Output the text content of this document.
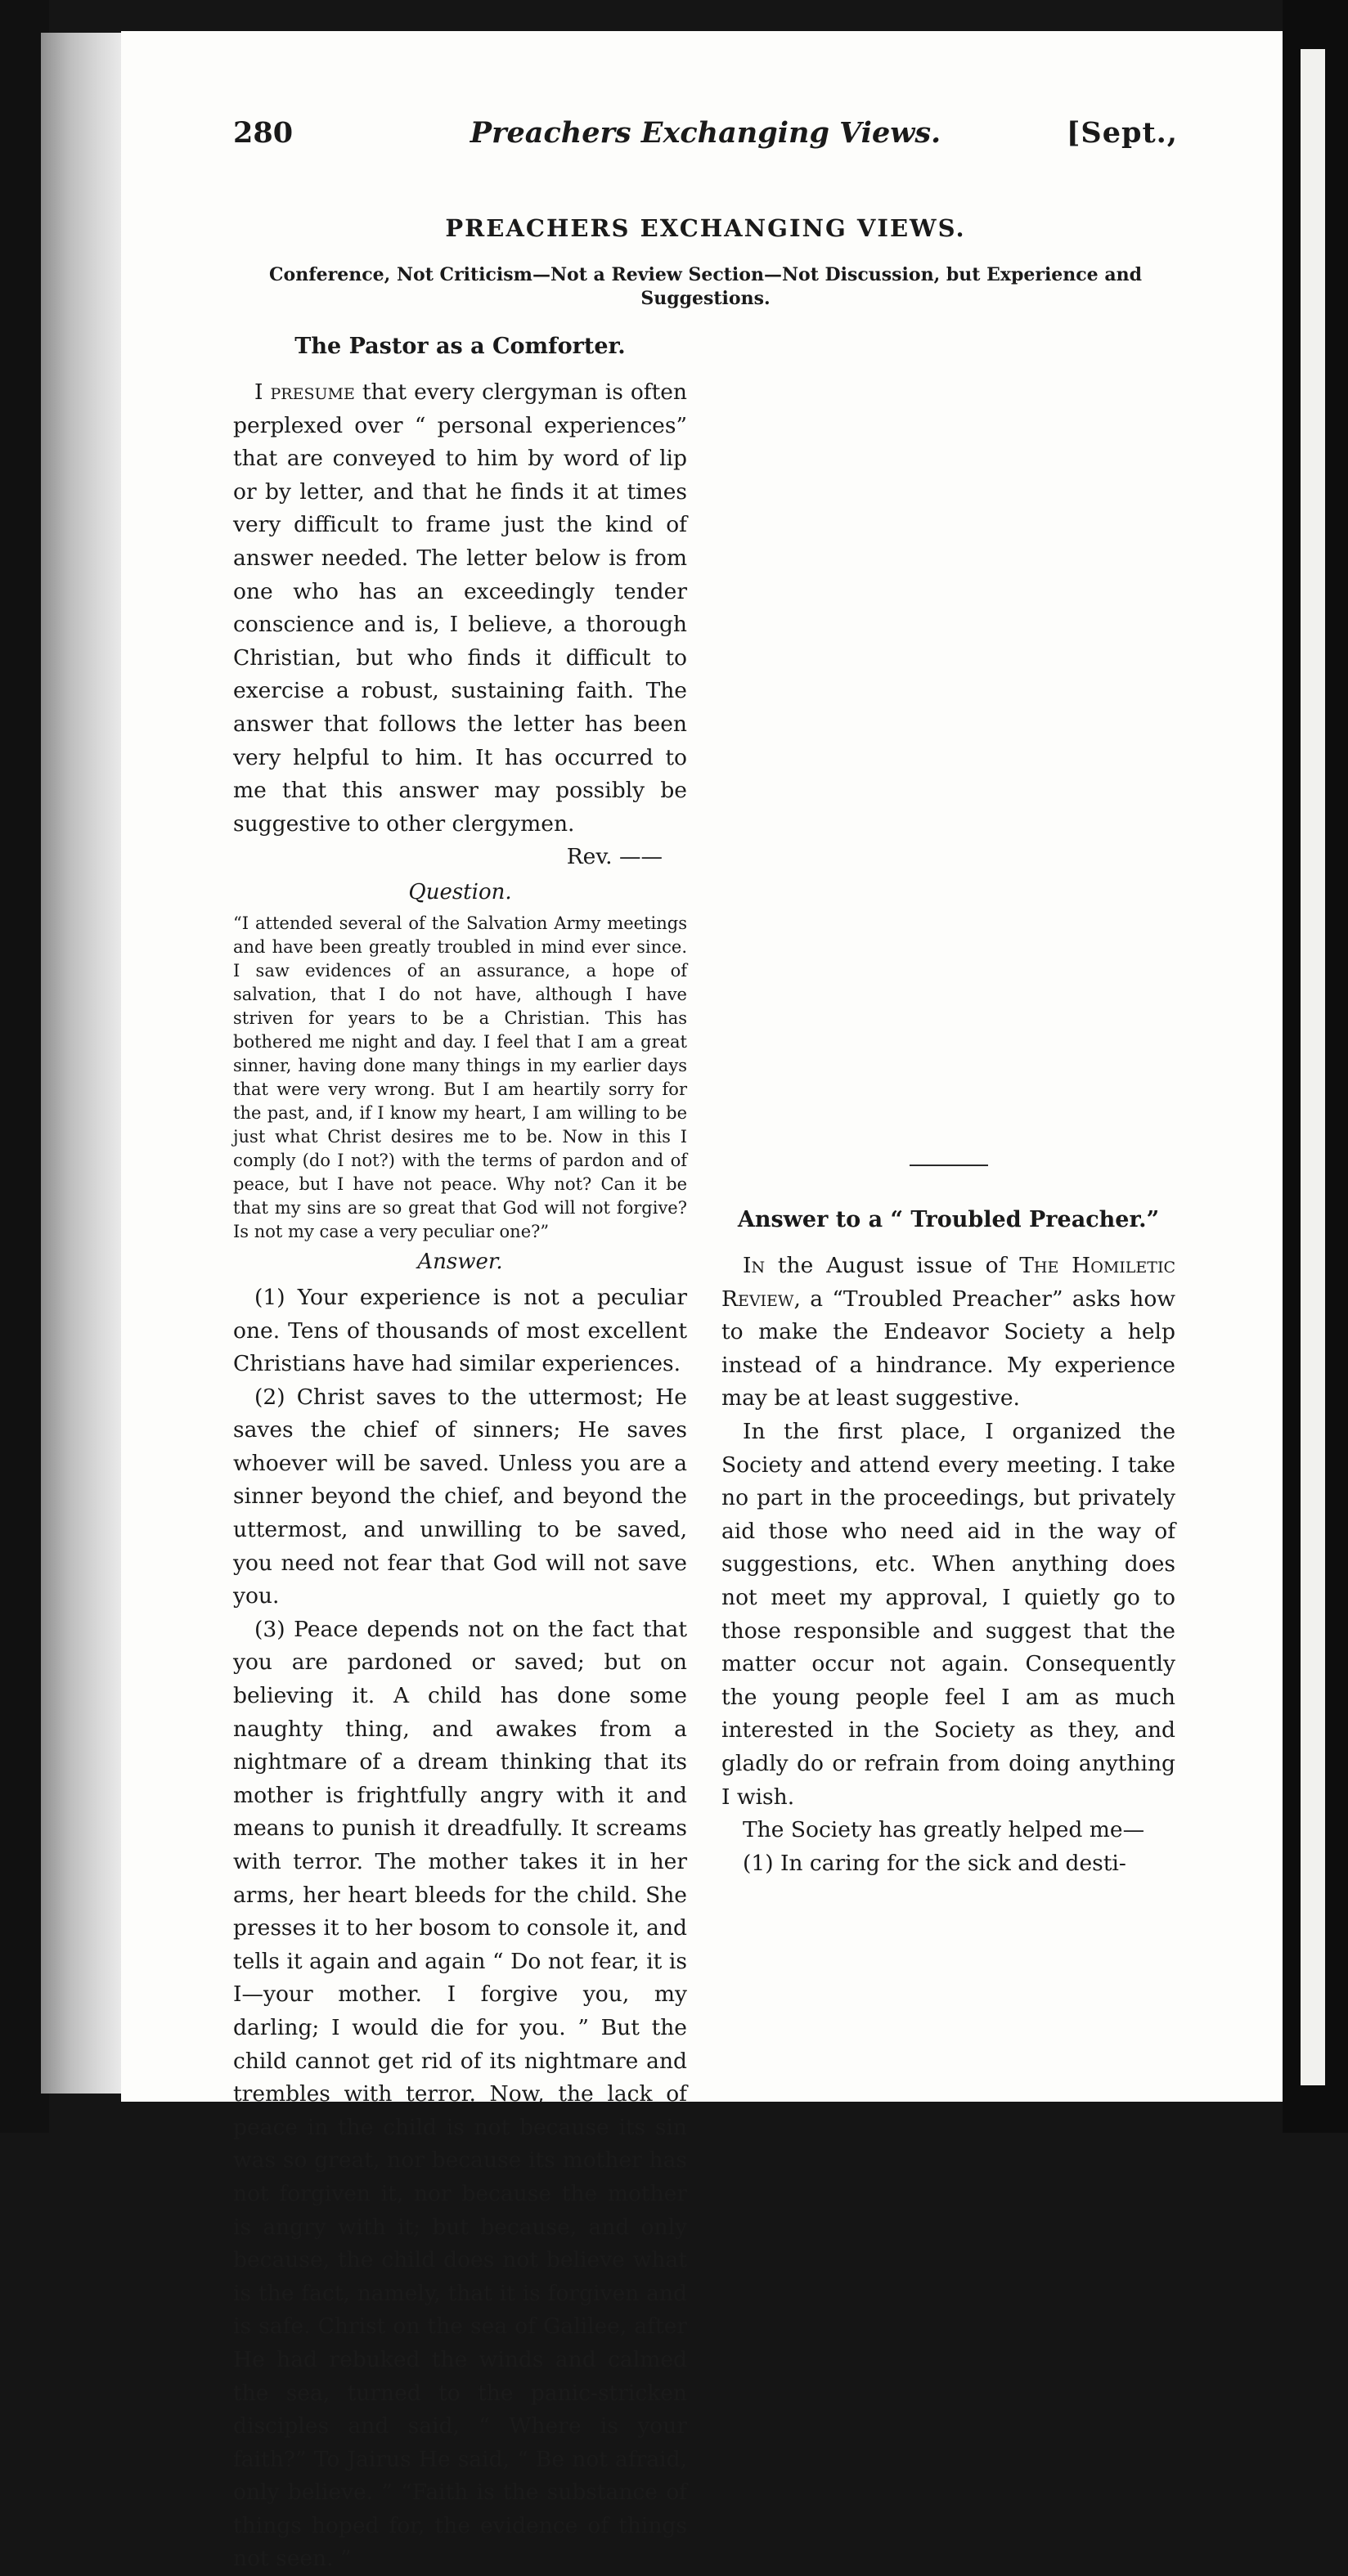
280	Preachers Exchanging Views.	[Sept.,
PREACHERS EXCHANGING VIEWS.
Conference, Not Criticism—Not a Review Section—Not Discussion, but Experience and Suggestions.
The Pastor as a Comforter.

I presume that every clergyman is often perplexed over “ personal experiences” that are conveyed to him by word of lip or by letter, and that he finds it at times very difficult to frame just the kind of answer needed. The letter below is from one who has an exceedingly tender conscience and is, I believe, a thorough Christian, but who finds it difficult to exercise a robust, sustaining faith. The answer that follows the letter has been very helpful to him. It has occurred to me that this answer may possibly be suggestive to other clergymen.

Rev. ——

Question.

“I attended several of the Salvation Army meetings and have been greatly troubled in mind ever since. I saw evidences of an assurance, a hope of salvation, that I do not have, although I have striven for years to be a Christian. This has bothered me night and day. I feel that I am a great sinner, having done many things in my earlier days that were very wrong. But I am heartily sorry for the past, and, if I know my heart, I am willing to be just what Christ desires me to be. Now in this I comply (do I not?) with the terms of pardon and of peace, but I have not peace. Why not? Can it be that my sins are so great that God will not forgive? Is not my case a very peculiar one?”

Answer.

(1) Your experience is not a peculiar one. Tens of thousands of most excellent Christians have had similar experiences.

(2) Christ saves to the uttermost; He saves the chief of sinners; He saves whoever will be saved. Unless you are a sinner beyond the chief, and beyond the uttermost, and unwilling to be saved, you need not fear that God will not save you.

(3) Peace depends not on the fact that you are pardoned or saved; but on believing it. A child has done some naughty thing, and awakes from a nightmare of a dream thinking that its mother is frightfully angry with it and means to punish it dreadfully. It screams with terror. The mother takes it in her arms, her heart bleeds for the child. She presses it to her bosom to console it, and tells it again and again “ Do not fear, it is I—your mother. I forgive you, my darling; I would die for you. ” But the child cannot get rid of its nightmare and trembles with terror. Now, the lack of peace in the child is not because its sin was so great, nor because its mother has not forgiven it, nor because the mother is angry with it; but because, and only because, the child does not believe what is the fact, namely, that it is forgiven and is safe. Christ on the sea of Galilee, after He had rebuked the winds and calmed the sea, turned to the panic-stricken disciples and said, “ Where is your faith?” To Jairus He said, “ Be not afraid, only believe. ” “Faith is the substance of things hoped for, the evidence of things not seen. ”

Answer to a “ Troubled Preacher.”

In the August issue of The Homiletic Review, a “Troubled Preacher” asks how to make the Endeavor Society a help instead of a hindrance. My experience may be at least suggestive.

In the first place, I organized the Society and attend every meeting. I take no part in the proceedings, but privately aid those who need aid in the way of suggestions, etc. When anything does not meet my approval, I quietly go to those responsible and suggest that the matter occur not again. Consequently the young people feel I am as much interested in the Society as they, and gladly do or refrain from doing anything I wish.

The Society has greatly helped me—

(1) In caring for the sick and desti-
